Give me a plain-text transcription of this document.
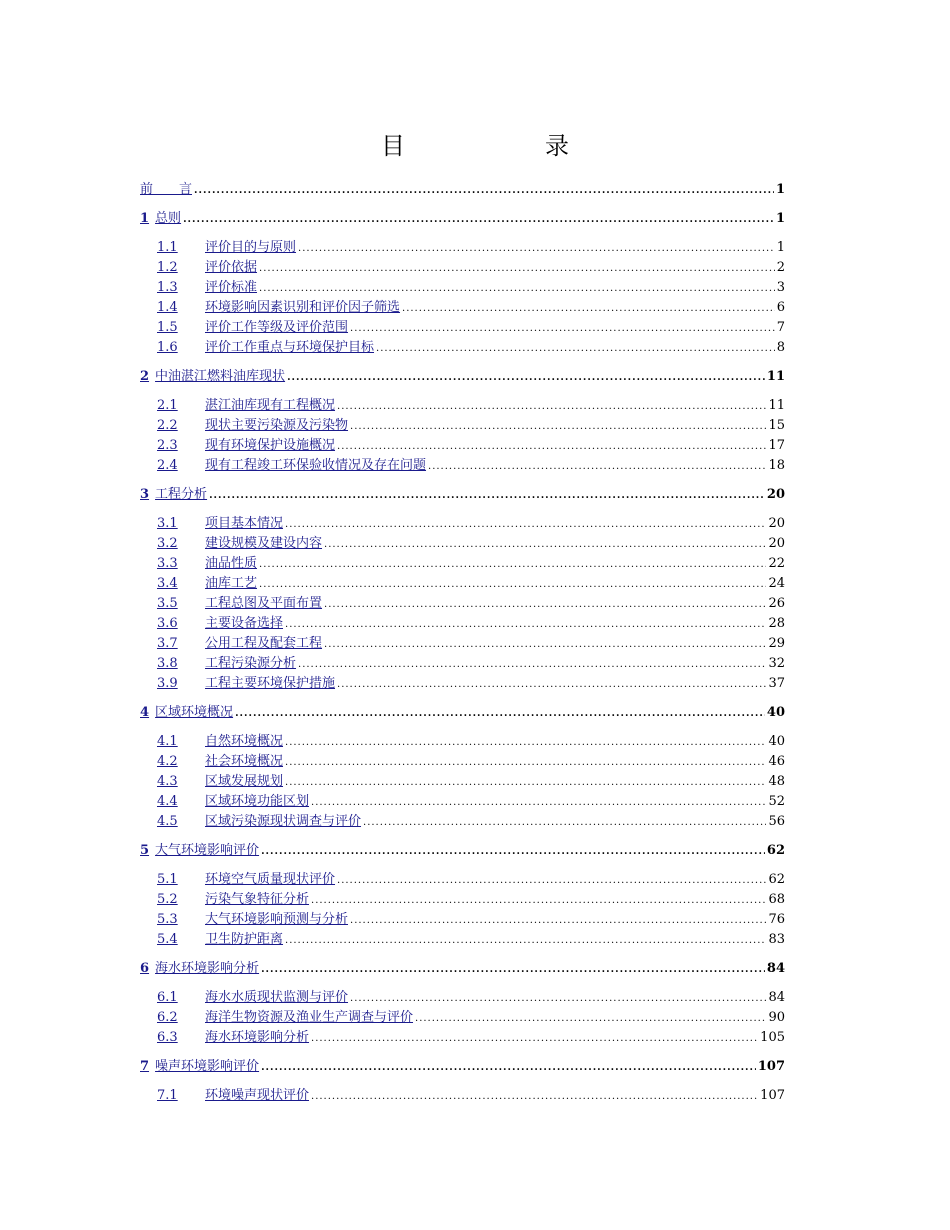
目　录
前　　言 .....	1
1 总则 .....	1
1.1	评价目的与原则 .....	1
1.2	评价依据 .....	2
1.3	评价标准 .....	3
1.4	环境影响因素识别和评价因子筛选 .....	6
1.5	评价工作等级及评价范围 .....	7
1.6	评价工作重点与环境保护目标 .....	8
2 中油湛江燃料油库现状 .....	11
2.1	湛江油库现有工程概况 .....	11
2.2	现状主要污染源及污染物 .....	15
2.3	现有环境保护设施概况 .....	17
2.4	现有工程竣工环保验收情况及存在问题 .....	18
3 工程分析 .....	20
3.1	项目基本情况 .....	20
3.2	建设规模及建设内容 .....	20
3.3	油品性质 .....	22
3.4	油库工艺 .....	24
3.5	工程总图及平面布置 .....	26
3.6	主要设备选择 .....	28
3.7	公用工程及配套工程 .....	29
3.8	工程污染源分析 .....	32
3.9	工程主要环境保护措施 .....	37
4 区域环境概况 .....	40
4.1	自然环境概况 .....	40
4.2	社会环境概况 .....	46
4.3	区域发展规划 .....	48
4.4	区域环境功能区划 .....	52
4.5	区域污染源现状调查与评价 .....	56
5 大气环境影响评价 .....	62
5.1	环境空气质量现状评价 .....	62
5.2	污染气象特征分析 .....	68
5.3	大气环境影响预测与分析 .....	76
5.4	卫生防护距离 .....	83
6 海水环境影响分析 .....	84
6.1	海水水质现状监测与评价 .....	84
6.2	海洋生物资源及渔业生产调查与评价 .....	90
6.3	海水环境影响分析 .....	105
7 噪声环境影响评价 .....	107
7.1	环境噪声现状评价 .....	107
